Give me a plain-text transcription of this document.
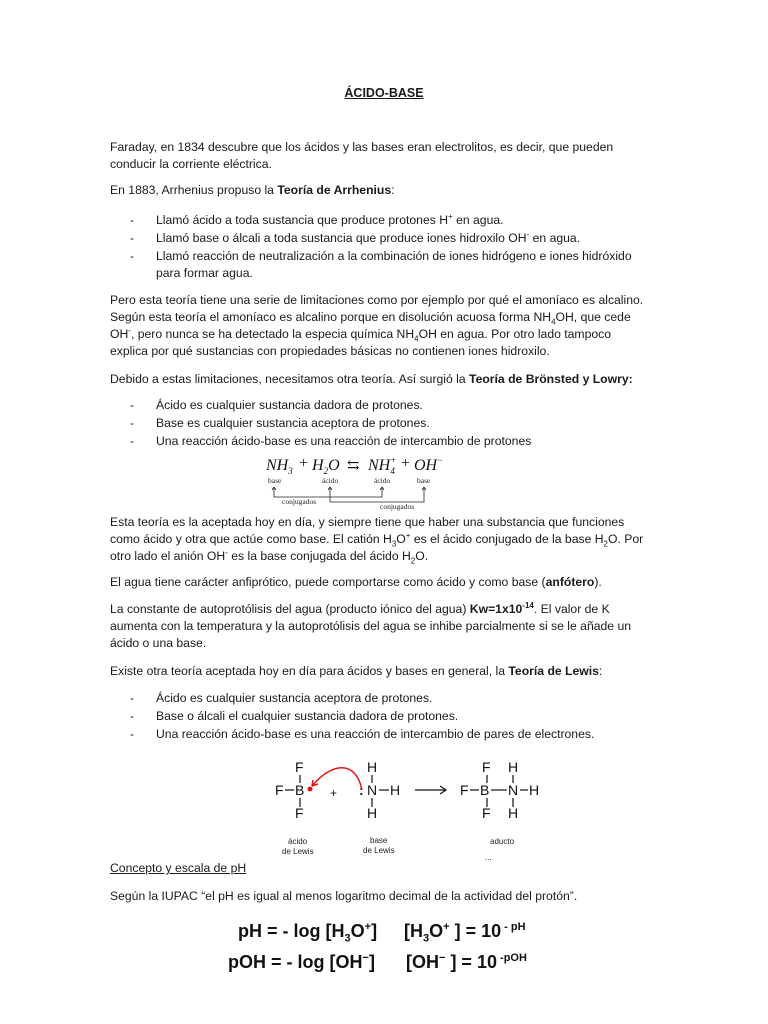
ÁCIDO-BASE
Faraday, en 1834 descubre que los ácidos y las bases eran electrolitos, es decir, que pueden conducir la corriente eléctrica.
En 1883, Arrhenius propuso la Teoría de Arrhenius:
- Llamó ácido a toda sustancia que produce protones H+ en agua.
- Llamó base o álcali a toda sustancia que produce iones hidroxilo OH- en agua.
- Llamó reacción de neutralización a la combinación de iones hidrógeno e iones hidróxido para formar agua.
Pero esta teoría tiene una serie de limitaciones como por ejemplo por qué el amoníaco es alcalino. Según esta teoría el amoníaco es alcalino porque en disolución acuosa forma $NH_4OH$, que cede OH-, pero nunca se ha detectado la especia química $NH_4OH$ en agua. Por otro lado tampoco explica por qué sustancias con propiedades básicas no contienen iones hidroxilo.
Debido a estas limitaciones, necesitamos otra teoría. Así surgió la Teoría de Brönsted y Lowry:
- Ácido es cualquier sustancia dadora de protones.
- Base es cualquier sustancia aceptora de protones.
- Una reacción ácido-base es una reacción de intercambio de protones
$NH_3 + H_2O$ ⇆ NH+ 4 + OH−
base	ácido	ácido	base
conjugados
conjugados
Esta teoría es la aceptada hoy en día, y siempre tiene que haber una substancia que funciones como ácido y otra que actúe como base. El catión $H_3O^+$ es el ácido conjugado de la base $H_2O$. Por otro lado el anión OH- es la base conjugada del ácido $H_2O$.
El agua tiene carácter anfiprótico, puede comportarse como ácido y como base (anfótero).
La constante de autoprotólisis del agua (producto iónico del agua) $Kw=1x10^{-14}$. El valor de K aumenta con la temperatura y la autoprotólisis del agua se inhibe parcialmente si se le añade un ácido o una base.
Existe otra teoría aceptada hoy en día para ácidos y bases en general, la Teoría de Lewis:
- Ácido es cualquier sustancia aceptora de protones.
- Base o álcali el cualquier sustancia dadora de protones.
- Una reacción ácido-base es una reacción de intercambio de pares de electrones.
F
F B
F
+
H
: N H
H
F H
F B N H
F H
ácido
de Lewis
base
de Lewis
aducto
...
Concepto y escala de pH
Según la IUPAC “el pH es igual al menos logaritmo decimal de la actividad del protón”.
pH = - $\log [H_3O^+]$ [$H_3O^+$ ] = 10 $^{- pH}$
pOH = - log [OH−] [OH− ] = 10 $^{-pOH}$
